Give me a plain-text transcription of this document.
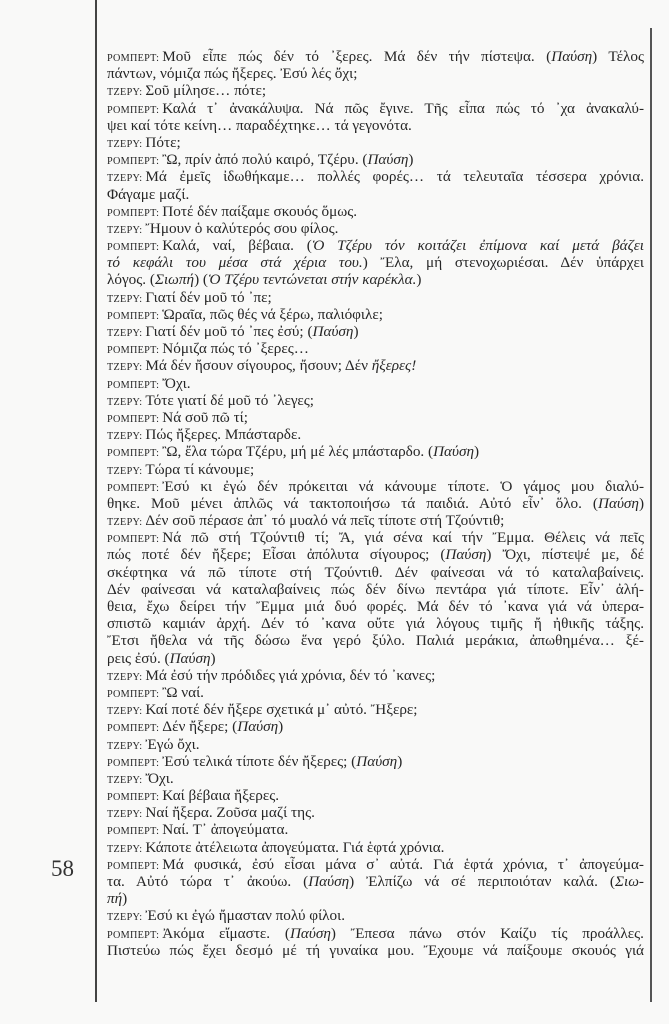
58
ΡΟΜΠΕΡΤ: Μοῦ εἶπε πώς δέν τό ᾿ξερες. Μά δέν τήν πίστεψα. (Παύση) Τέλος
πάντων, νόμιζα πώς ἤξερες. Ἐσύ λές ὄχι;
ΤΖΕΡΥ: Σοῦ μίλησε… πότε;
ΡΟΜΠΕΡΤ: Καλά τ᾿ ἀνακάλυψα. Νά πῶς ἔγινε. Τῆς εἶπα πώς τό ᾿χα ἀνακαλύ-
ψει καί τότε κείνη… παραδέχτηκε… τά γεγονότα.
ΤΖΕΡΥ: Πότε;
ΡΟΜΠΕΡΤ: Ὢ, πρίν ἀπό πολύ καιρό, Τζέρυ. (Παύση)
ΤΖΕΡΥ: Μά ἐμεῖς ἰδωθήκαμε… πολλές φορές… τά τελευταῖα τέσσερα χρόνια.
Φάγαμε μαζί.
ΡΟΜΠΕΡΤ: Ποτέ δέν παίξαμε σκουός ὅμως.
ΤΖΕΡΥ: Ἤμουν ὁ καλύτερός σου φίλος.
ΡΟΜΠΕΡΤ: Καλά, ναί, βέβαια. (Ὁ Τζέρυ τόν κοιτάζει ἐπίμονα καί μετά βάζει
τό κεφάλι του μέσα στά χέρια του.) Ἔλα, μή στενοχωριέσαι. Δέν ὑπάρχει
λόγος. (Σιωπή) (Ὁ Τζέρυ τεντώνεται στήν καρέκλα.)
ΤΖΕΡΥ: Γιατί δέν μοῦ τό ᾿πε;
ΡΟΜΠΕΡΤ: Ὡραῖα, πῶς θές νά ξέρω, παλιόφιλε;
ΤΖΕΡΥ: Γιατί δέν μοῦ τό ᾿πες ἐσύ; (Παύση)
ΡΟΜΠΕΡΤ: Νόμιζα πώς τό ᾿ξερες…
ΤΖΕΡΥ: Μά δέν ἤσουν σίγουρος, ἤσουν; Δέν ἤξερες!
ΡΟΜΠΕΡΤ: Ὄχι.
ΤΖΕΡΥ: Τότε γιατί δέ μοῦ τό ᾿λεγες;
ΡΟΜΠΕΡΤ: Νά σοῦ πῶ τί;
ΤΖΕΡΥ: Πώς ἤξερες. Μπάσταρδε.
ΡΟΜΠΕΡΤ: Ὢ, ἔλα τώρα Τζέρυ, μή μέ λές μπάσταρδο. (Παύση)
ΤΖΕΡΥ: Τώρα τί κάνουμε;
ΡΟΜΠΕΡΤ: Ἐσύ κι ἐγώ δέν πρόκειται νά κάνουμε τίποτε. Ὁ γάμος μου διαλύ-
θηκε. Μοῦ μένει ἁπλῶς νά τακτοποιήσω τά παιδιά. Αὐτό εἶν᾿ ὅλο. (Παύση)
ΤΖΕΡΥ: Δέν σοῦ πέρασε ἀπ᾿ τό μυαλό νά πεῖς τίποτε στή Τζούντιθ;
ΡΟΜΠΕΡΤ: Νά πῶ στή Τζούντιθ τί; Ἄ, γιά σένα καί τήν Ἔμμα. Θέλεις νά πεῖς
πώς ποτέ δέν ἤξερε; Εἶσαι ἀπόλυτα σίγουρος; (Παύση) Ὄχι, πίστεψέ με, δέ
σκέφτηκα νά πῶ τίποτε στή Τζούντιθ. Δέν φαίνεσαι νά τό καταλαβαίνεις.
Δέν φαίνεσαι νά καταλαβαίνεις πώς δέν δίνω πεντάρα γιά τίποτε. Εἶν᾿ ἀλή-
θεια, ἔχω δείρει τήν Ἔμμα μιά δυό φορές. Μά δέν τό ᾿κανα γιά νά ὑπερα-
σπιστῶ καμιάν ἀρχή. Δέν τό ᾿κανα οὔτε γιά λόγους τιμῆς ἤ ἠθικῆς τάξης.
Ἔτσι ἤθελα νά τῆς δώσω ἕνα γερό ξύλο. Παλιά μεράκια, ἀπωθημένα… ξέ-
ρεις ἐσύ. (Παύση)
ΤΖΕΡΥ: Μά ἐσύ τήν πρόδιδες γιά χρόνια, δέν τό ᾿κανες;
ΡΟΜΠΕΡΤ: Ὢ ναί.
ΤΖΕΡΥ: Καί ποτέ δέν ἤξερε σχετικά μ᾿ αὐτό. Ἤξερε;
ΡΟΜΠΕΡΤ: Δέν ἤξερε; (Παύση)
ΤΖΕΡΥ: Ἐγώ ὄχι.
ΡΟΜΠΕΡΤ: Ἐσύ τελικά τίποτε δέν ἤξερες; (Παύση)
ΤΖΕΡΥ: Ὄχι.
ΡΟΜΠΕΡΤ: Καί βέβαια ἤξερες.
ΤΖΕΡΥ: Ναί ἤξερα. Ζοῦσα μαζί της.
ΡΟΜΠΕΡΤ: Ναί. Τ᾿ ἀπογεύματα.
ΤΖΕΡΥ: Κάποτε ἀτέλειωτα ἀπογεύματα. Γιά ἑφτά χρόνια.
ΡΟΜΠΕΡΤ: Μά φυσικά, ἐσύ εἶσαι μάνα σ᾿ αὐτά. Γιά ἑφτά χρόνια, τ᾿ ἀπογεύμα-
τα. Αὐτό τώρα τ᾿ ἀκούω. (Παύση) Ἐλπίζω νά σέ περιποιόταν καλά. (Σιω-
πή)
ΤΖΕΡΥ: Ἐσύ κι ἐγώ ἤμασταν πολύ φίλοι.
ΡΟΜΠΕΡΤ: Ἀκόμα εἴμαστε. (Παύση) Ἔπεσα πάνω στόν Καίζυ τίς προάλλες.
Πιστεύω πώς ἔχει δεσμό μέ τή γυναίκα μου. Ἔχουμε νά παίξουμε σκουός γιά
